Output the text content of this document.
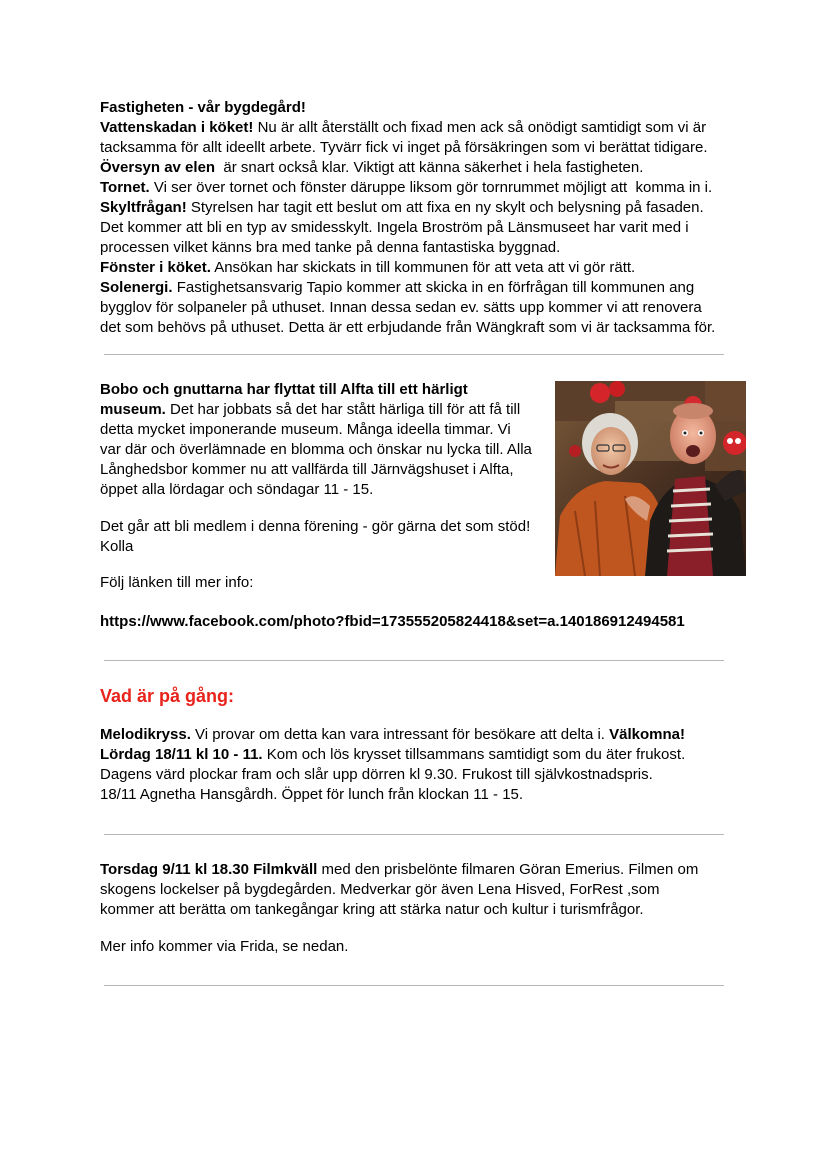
Fastigheten - vår bygdegård!

Vattenskadan i köket! Nu är allt återställt och fixad men ack så onödigt samtidigt som vi är

tacksamma för allt ideellt arbete. Tyvärr fick vi inget på försäkringen som vi berättat tidigare.

Översyn av elen  är snart också klar. Viktigt att känna säkerhet i hela fastigheten.

Tornet. Vi ser över tornet och fönster däruppe liksom gör tornrummet möjligt att  komma in i.

Skyltfrågan! Styrelsen har tagit ett beslut om att fixa en ny skylt och belysning på fasaden.

Det kommer att bli en typ av smidesskylt. Ingela Broström på Länsmuseet har varit med i

processen vilket känns bra med tanke på denna fantastiska byggnad.

Fönster i köket. Ansökan har skickats in till kommunen för att veta att vi gör rätt.

Solenergi. Fastighetsansvarig Tapio kommer att skicka in en förfrågan till kommunen ang

bygglov för solpaneler på uthuset. Innan dessa sedan ev. sätts upp kommer vi att renovera

det som behövs på uthuset. Detta är ett erbjudande från Wängkraft som vi är tacksamma för.

Bobo och gnuttarna har flyttat till Alfta till ett härligt

museum. Det har jobbats så det har stått härliga till för att få till

detta mycket imponerande museum. Många ideella timmar. Vi

var där och överlämnade en blomma och önskar nu lycka till. Alla

Långhedsbor kommer nu att vallfärda till Järnvägshuset i Alfta,

öppet alla lördagar och söndagar 11 - 15.

Det går att bli medlem i denna förening - gör gärna det som stöd!

Kolla

Följ länken till mer info:

https://www.facebook.com/photo?fbid=173555205824418&set=a.140186912494581

Vad är på gång:

Melodikryss. Vi provar om detta kan vara intressant för besökare att delta i. Välkomna!

Lördag 18/11 kl 10 - 11. Kom och lös krysset tillsammans samtidigt som du äter frukost.

Dagens värd plockar fram och slår upp dörren kl 9.30. Frukost till självkostnadspris.

18/11 Agnetha Hansgårdh. Öppet för lunch från klockan 11 - 15.

Torsdag 9/11 kl 18.30 Filmkväll med den prisbelönte filmaren Göran Emerius. Filmen om

skogens lockelser på bygdegården. Medverkar gör även Lena Hisved, ForRest ,som

kommer att berätta om tankegångar kring att stärka natur och kultur i turismfrågor.

Mer info kommer via Frida, se nedan.
